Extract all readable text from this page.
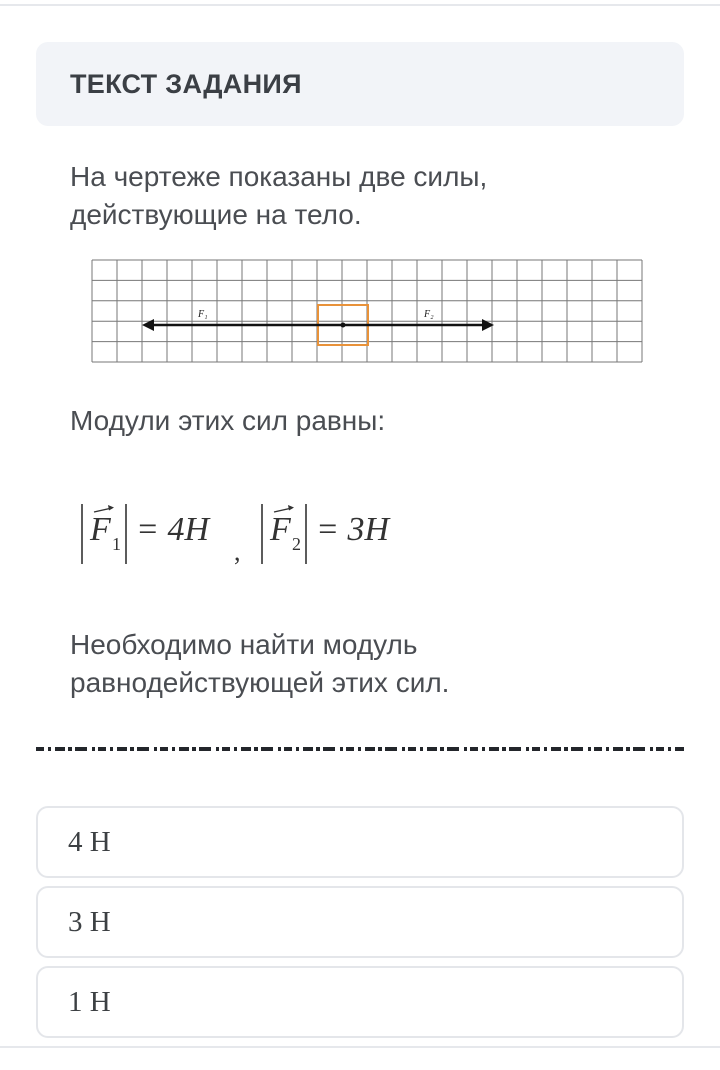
ТЕКСТ ЗАДАНИЯ

На чертеже показаны две силы, действующие на тело.

F₁	F₂

Модули этих сил равны:

F 1 = 4H
,
F 2 = 3H

Необходимо найти модуль равнодействующей этих сил.

4 Н
3 Н
1 Н
